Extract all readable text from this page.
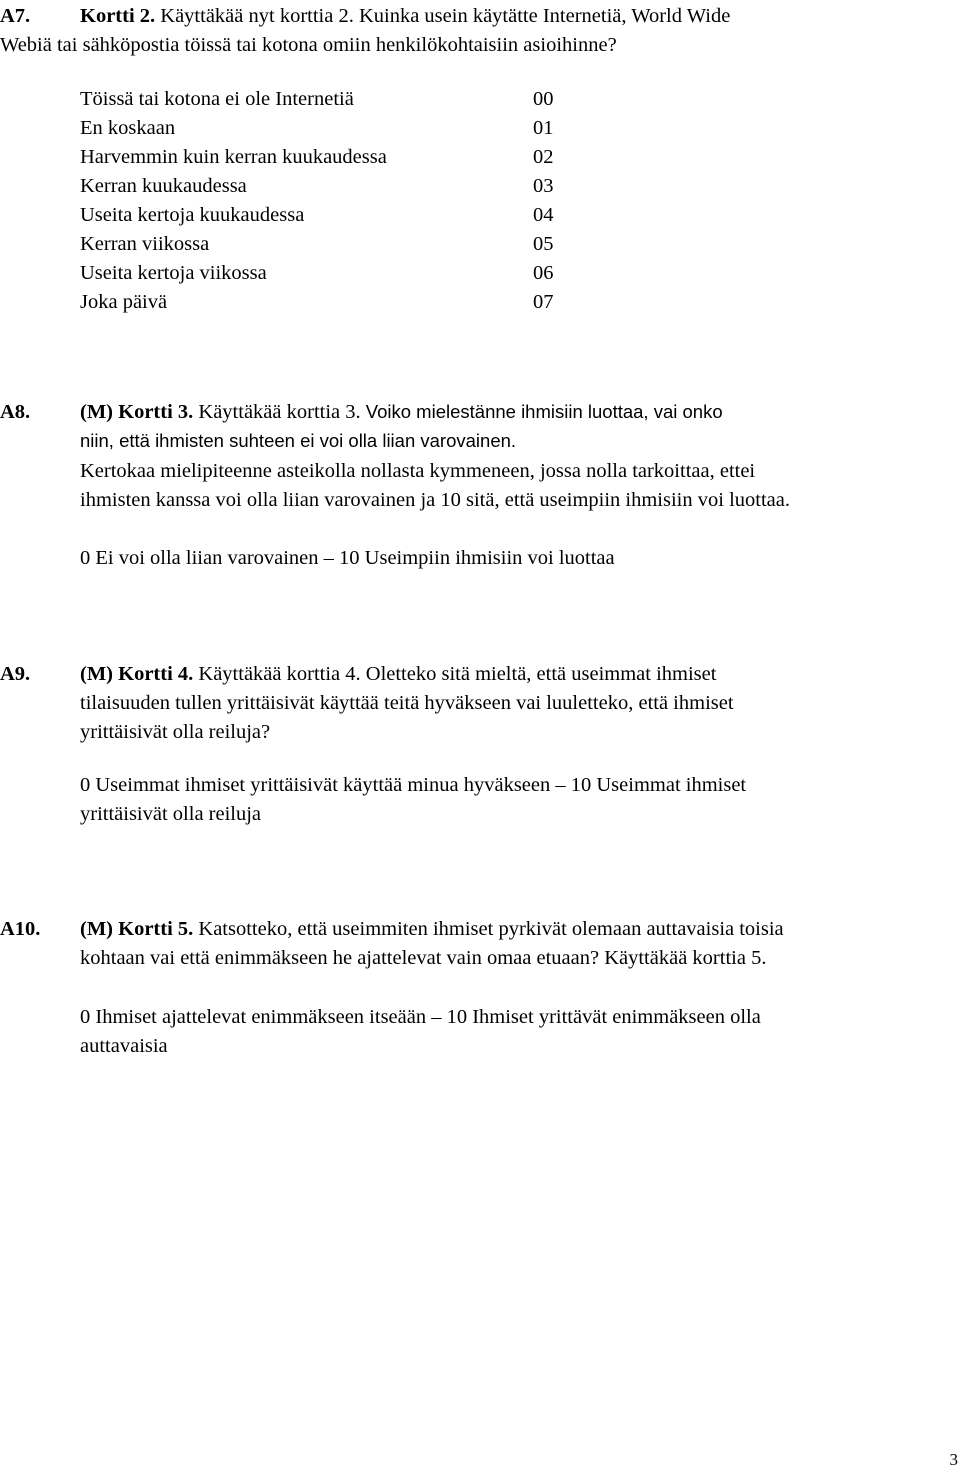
A7. Kortti 2. Käyttäkää nyt korttia 2. Kuinka usein käytätte Internetiä, World Wide
Webiä tai sähköpostia töissä tai kotona omiin henkilökohtaisiin asioihinne?
Töissä tai kotona ei ole Internetiä	00
En koskaan	01
Harvemmin kuin kerran kuukaudessa	02
Kerran kuukaudessa	03
Useita kertoja kuukaudessa	04
Kerran viikossa	05
Useita kertoja viikossa	06
Joka päivä	07
A8. (M) Kortti 3. Käyttäkää korttia 3. Voiko mielestänne ihmisiin luottaa, vai onko
niin, että ihmisten suhteen ei voi olla liian varovainen.
Kertokaa mielipiteenne asteikolla nollasta kymmeneen, jossa nolla tarkoittaa, ettei
ihmisten kanssa voi olla liian varovainen ja 10 sitä, että useimpiin ihmisiin voi luottaa.
0 Ei voi olla liian varovainen – 10 Useimpiin ihmisiin voi luottaa
A9. (M) Kortti 4. Käyttäkää korttia 4. Oletteko sitä mieltä, että useimmat ihmiset
tilaisuuden tullen yrittäisivät käyttää teitä hyväkseen vai luuletteko, että ihmiset
yrittäisivät olla reiluja?
0 Useimmat ihmiset yrittäisivät käyttää minua hyväkseen – 10 Useimmat ihmiset
yrittäisivät olla reiluja
A10. (M) Kortti 5. Katsotteko, että useimmiten ihmiset pyrkivät olemaan auttavaisia toisia
kohtaan vai että enimmäkseen he ajattelevat vain omaa etuaan? Käyttäkää korttia 5.
0 Ihmiset ajattelevat enimmäkseen itseään – 10 Ihmiset yrittävät enimmäkseen olla
auttavaisia
3
